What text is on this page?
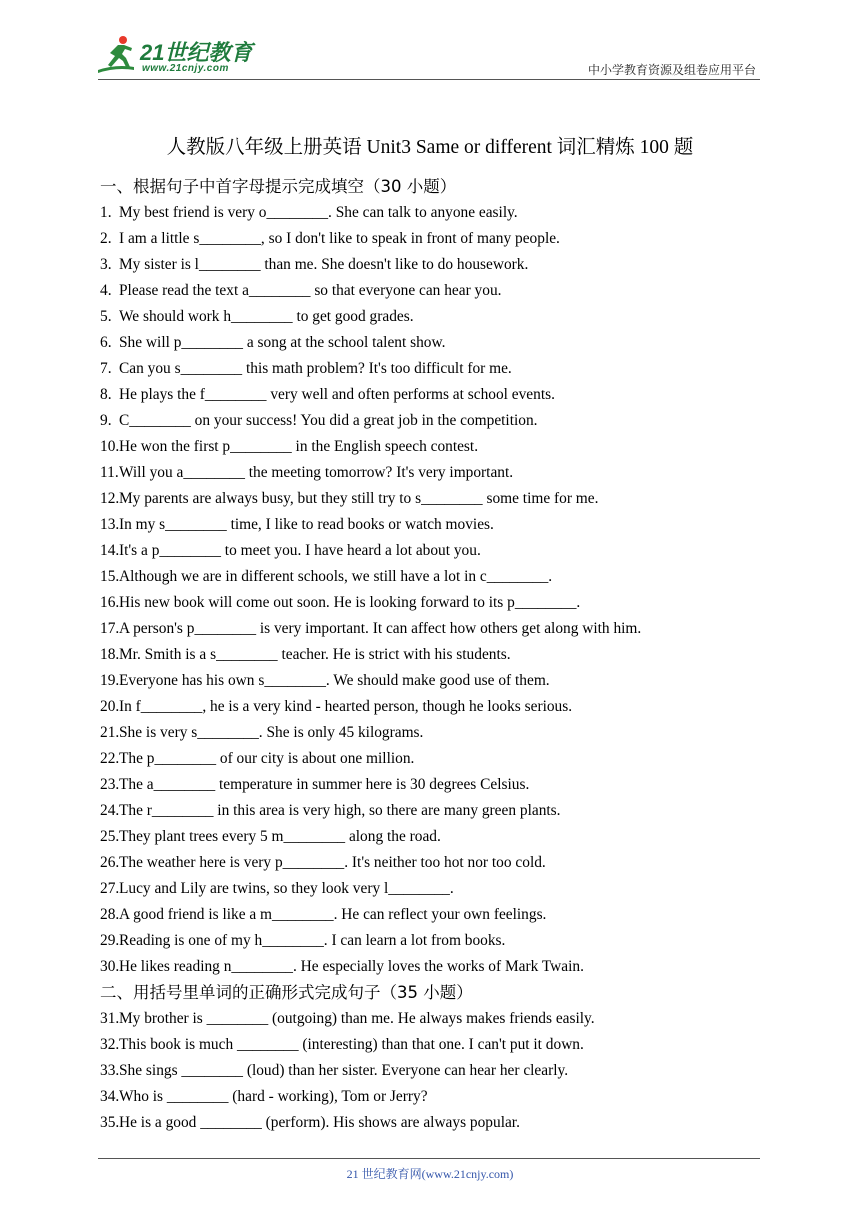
21世纪教育
www.21cnjy.com	中小学教育资源及组卷应用平台
人教版八年级上册英语 Unit3 Same or different 词汇精炼 100 题
一、根据句子中首字母提示完成填空（30 小题）
1. My best friend is very o________. She can talk to anyone easily.
2. I am a little s________, so I don't like to speak in front of many people.
3. My sister is l________ than me. She doesn't like to do housework.
4. Please read the text a________ so that everyone can hear you.
5. We should work h________ to get good grades.
6. She will p________ a song at the school talent show.
7. Can you s________ this math problem? It's too difficult for me.
8. He plays the f________ very well and often performs at school events.
9. C________ on your success! You did a great job in the competition.
10.He won the first p________ in the English speech contest.
11.Will you a________ the meeting tomorrow? It's very important.
12.My parents are always busy, but they still try to s________ some time for me.
13.In my s________ time, I like to read books or watch movies.
14.It's a p________ to meet you. I have heard a lot about you.
15.Although we are in different schools, we still have a lot in c________.
16.His new book will come out soon. He is looking forward to its p________.
17.A person's p________ is very important. It can affect how others get along with him.
18.Mr. Smith is a s________ teacher. He is strict with his students.
19.Everyone has his own s________. We should make good use of them.
20.In f________, he is a very kind - hearted person, though he looks serious.
21.She is very s________. She is only 45 kilograms.
22.The p________ of our city is about one million.
23.The a________ temperature in summer here is 30 degrees Celsius.
24.The r________ in this area is very high, so there are many green plants.
25.They plant trees every 5 m________ along the road.
26.The weather here is very p________. It's neither too hot nor too cold.
27.Lucy and Lily are twins, so they look very l________.
28.A good friend is like a m________. He can reflect your own feelings.
29.Reading is one of my h________. I can learn a lot from books.
30.He likes reading n________. He especially loves the works of Mark Twain.
二、用括号里单词的正确形式完成句子（35 小题）
31.My brother is ________ (outgoing) than me. He always makes friends easily.
32.This book is much ________ (interesting) than that one. I can't put it down.
33.She sings ________ (loud) than her sister. Everyone can hear her clearly.
34.Who is ________ (hard - working), Tom or Jerry?
35.He is a good ________ (perform). His shows are always popular.
21 世纪教育网(www.21cnjy.com)
